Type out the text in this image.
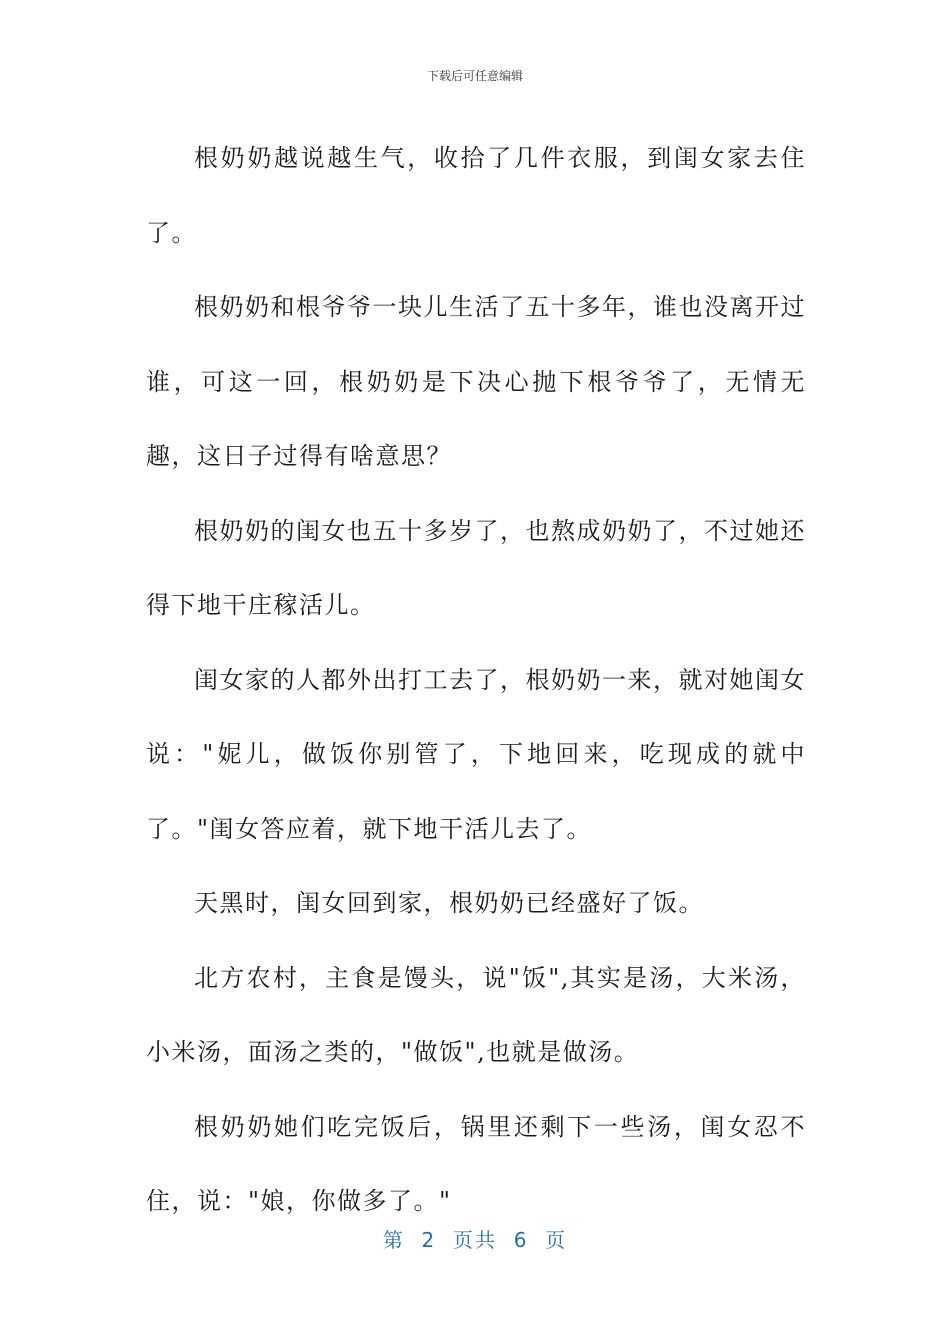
下载后可任意编辑

根奶奶越说越生气，收拾了几件衣服，到闺女家去住了。

根奶奶和根爷爷一块儿生活了五十多年，谁也没离开过谁，可这一回，根奶奶是下决心抛下根爷爷了，无情无趣，这日子过得有啥意思？

根奶奶的闺女也五十多岁了，也熬成奶奶了，不过她还得下地干庄稼活儿。

闺女家的人都外出打工去了，根奶奶一来，就对她闺女说："妮儿，做饭你别管了，下地回来，吃现成的就中了。"闺女答应着，就下地干活儿去了。

天黑时，闺女回到家，根奶奶已经盛好了饭。

北方农村，主食是馒头，说"饭",其实是汤，大米汤，小米汤，面汤之类的，"做饭",也就是做汤。

根奶奶她们吃完饭后，锅里还剩下一些汤，闺女忍不住，说："娘，你做多了。"

第  2  页共  6  页
